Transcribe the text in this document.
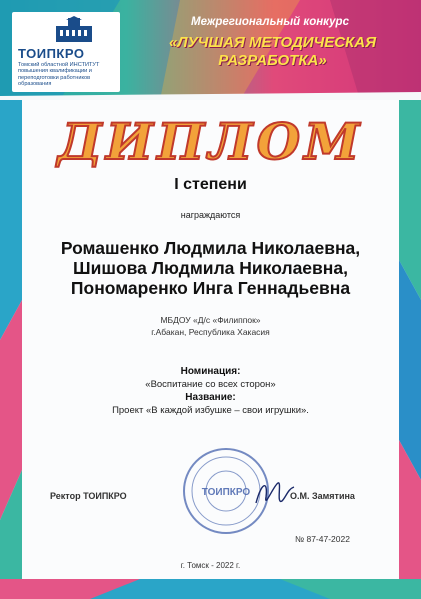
ТОИПКРО
Томский областной ИНСТИТУТ повышения квалификации и переподготовки работников образования
Межрегиональный конкурс
«ЛУЧШАЯ МЕТОДИЧЕСКАЯ РАЗРАБОТКА»
ДИПЛОМ
I степени
награждаются
Ромашенко Людмила Николаевна,
Шишова Людмила Николаевна,
Пономаренко Инга Геннадьевна
МБДОУ «Д/с «Филиппок»
г.Абакан, Республика Хакасия
Номинация:
«Воспитание со всех сторон»
Название:
Проект «В каждой избушке – свои игрушки».
ТОИПКРО
Ректор ТОИПКРО	О.М. Замятина
№ 87-47-2022
г. Томск - 2022 г.
